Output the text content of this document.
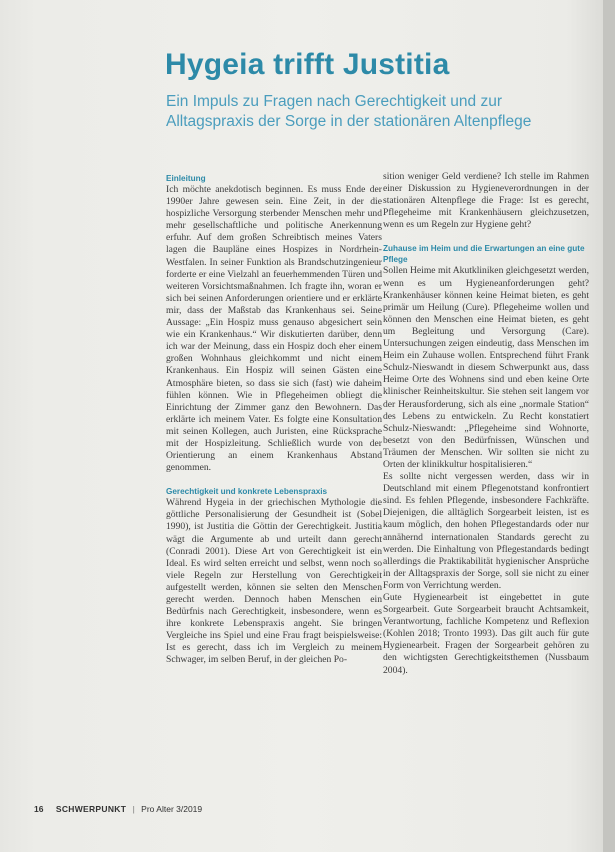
Hygeia trifft Justitia
Ein Impuls zu Fragen nach Gerechtigkeit und zur Alltagspraxis der Sorge in der stationären Altenpflege
Einleitung

Ich möchte anekdotisch beginnen. Es muss Ende der 1990er Jahre gewesen sein. Eine Zeit, in der die hospizliche Versorgung sterbender Menschen mehr und mehr gesellschaftliche und politische Anerkennung erfuhr. Auf dem großen Schreibtisch meines Vaters lagen die Baupläne eines Hospizes in Nordrhein-Westfalen. In seiner Funktion als Brandschutzingenieur forderte er eine Vielzahl an feuerhemmenden Türen und weiteren Vorsichtsmaßnahmen. Ich fragte ihn, woran er sich bei seinen Anforderungen orientiere und er erklärte mir, dass der Maßstab das Krankenhaus sei. Seine Aussage: „Ein Hospiz muss genauso abgesichert sein wie ein Krankenhaus.“ Wir diskutierten darüber, denn ich war der Meinung, dass ein Hospiz doch eher einem großen Wohnhaus gleichkommt und nicht einem Krankenhaus. Ein Hospiz will seinen Gästen eine Atmosphäre bieten, so dass sie sich (fast) wie daheim fühlen können. Wie in Pflegeheimen obliegt die Einrichtung der Zimmer ganz den Bewohnern. Das erklärte ich meinem Vater. Es folgte eine Konsultation mit seinen Kollegen, auch Juristen, eine Rücksprache mit der Hospizleitung. Schließlich wurde von der Orientierung an einem Krankenhaus Abstand genommen.

Gerechtigkeit und konkrete Lebenspraxis

Während Hygeia in der griechischen Mythologie die göttliche Personalisierung der Gesundheit ist (Sobel 1990), ist Justitia die Göttin der Gerechtigkeit. Justitia wägt die Argumente ab und urteilt dann gerecht (Conradi 2001). Diese Art von Gerechtigkeit ist ein Ideal. Es wird selten erreicht und selbst, wenn noch so viele Regeln zur Herstellung von Gerechtigkeit aufgestellt werden, können sie selten den Menschen gerecht werden. Dennoch haben Menschen ein Bedürfnis nach Gerechtigkeit, insbesondere, wenn es ihre konkrete Lebenspraxis angeht. Sie bringen Vergleiche ins Spiel und eine Frau fragt beispielsweise: Ist es gerecht, dass ich im Vergleich zu meinem Schwager, im selben Beruf, in der gleichen Po-

sition weniger Geld verdiene? Ich stelle im Rahmen einer Diskussion zu Hygieneverordnungen in der stationären Altenpflege die Frage: Ist es gerecht, Pflegeheime mit Krankenhäusern gleichzusetzen, wenn es um Regeln zur Hygiene geht?

Zuhause im Heim und die Erwartungen an eine gute Pflege

Sollen Heime mit Akutkliniken gleichgesetzt werden, wenn es um Hygieneanforderungen geht? Krankenhäuser können keine Heimat bieten, es geht primär um Heilung (Cure). Pflegeheime wollen und können den Menschen eine Heimat bieten, es geht um Begleitung und Versorgung (Care). Untersuchungen zeigen eindeutig, dass Menschen im Heim ein Zuhause wollen. Entsprechend führt Frank Schulz-Nieswandt in diesem Schwerpunkt aus, dass Heime Orte des Wohnens sind und eben keine Orte klinischer Reinheitskultur. Sie stehen seit langem vor der Herausforderung, sich als eine „normale Station“ des Lebens zu entwickeln. Zu Recht konstatiert Schulz-Nieswandt: „Pflegeheime sind Wohnorte, besetzt von den Bedürfnissen, Wünschen und Träumen der Menschen. Wir sollten sie nicht zu Orten der klinikkultur hospitalisieren.“

Es sollte nicht vergessen werden, dass wir in Deutschland mit einem Pflegenotstand konfrontiert sind. Es fehlen Pflegende, insbesondere Fachkräfte. Diejenigen, die alltäglich Sorgearbeit leisten, ist es kaum möglich, den hohen Pflegestandards oder nur annähernd internationalen Standards gerecht zu werden. Die Einhaltung von Pflegestandards bedingt allerdings die Praktikabilität hygienischer Ansprüche in der Alltagspraxis der Sorge, soll sie nicht zu einer Form von Verrichtung werden.

Gute Hygienearbeit ist eingebettet in gute Sorgearbeit. Gute Sorgearbeit braucht Achtsamkeit, Verantwortung, fachliche Kompetenz und Reflexion (Kohlen 2018; Tronto 1993). Das gilt auch für gute Hygienearbeit. Fragen der Sorgearbeit gehören zu den wichtigsten Gerechtigkeitsthemen (Nussbaum 2004).

16 SCHWERPUNKT | Pro Alter 3/2019
